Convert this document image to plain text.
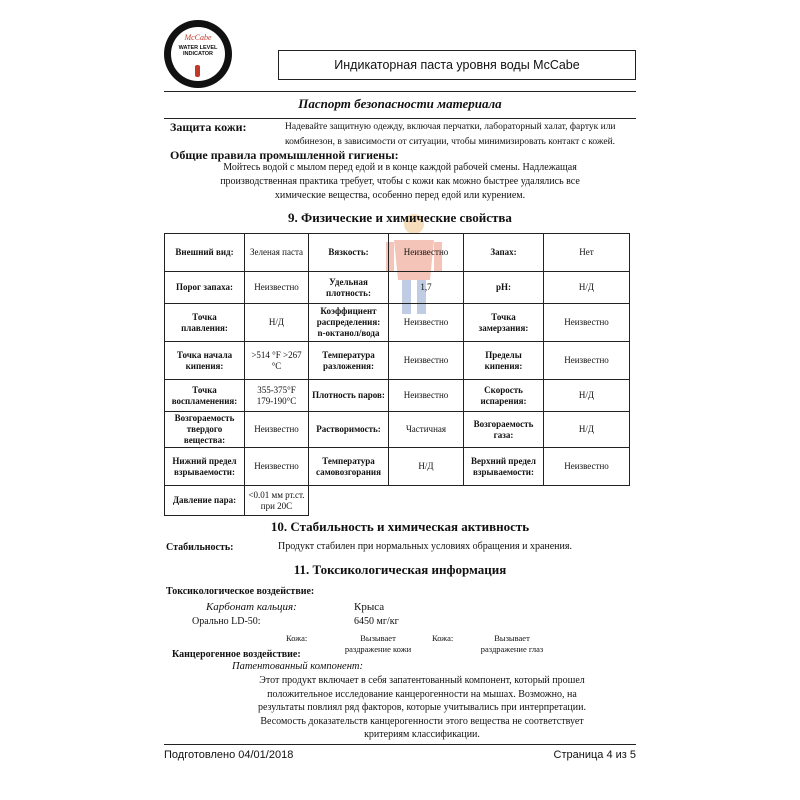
McCabe
WATER LEVEL
INDICATOR
Индикаторная паста уровня воды McCabe
Паспорт безопасности материала
Защита кожи:	Надевайте защитную одежду, включая перчатки, лабораторный халат, фартук или
комбинезон, в зависимости от ситуации, чтобы минимизировать контакт с кожей.
Общие правила промышленной гигиены:
Мойтесь водой с мылом перед едой и в конце каждой рабочей смены. Надлежащая
производственная практика требует, чтобы с кожи как можно быстрее удалялись все
химические вещества, особенно перед едой или курением.
9. Физические и химические свойства
Внешний вид:	Зеленая паста	Вязкость:	Неизвестно	Запах:	Нет
Порог запаха:	Неизвестно	Удельная плотность:	1,7	pH:	Н/Д
Точка плавления:	Н/Д	Коэффициент распределения: n-октанол/вода	Неизвестно	Точка замерзания:	Неизвестно
Точка начала кипения:	>514 °F >267 °C	Температура разложения:	Неизвестно	Пределы кипения:	Неизвестно
Точка воспламенения:	355-375°F 179-190°C	Плотность паров:	Неизвестно	Скорость испарения:	Н/Д
Возгораемость твердого вещества:	Неизвестно	Растворимость:	Частичная	Возгораемость газа:	Н/Д
Нижний предел взрываемости:	Неизвестно	Температура самовозгорания	Н/Д	Верхний предел взрываемости:	Неизвестно
Давление пара:	<0.01 мм рт.ст. при 20С				
10. Стабильность и химическая активность
Стабильность:	Продукт стабилен при нормальных условиях обращения и хранения.
11. Токсикологическая информация
Токсикологическое воздействие:
Карбонат кальция:	Крыса
Орально LD-50:	6450 мг/кг
Кожа:	Вызывает
раздражение кожи
Кожа:	Вызывает
раздражение глаз
Канцерогенное воздействие:
Патентованный компонент:
Этот продукт включает в себя запатентованный компонент, который прошел
положительное исследование канцерогенности на мышах. Возможно, на
результаты повлиял ряд факторов, которые учитывались при интерпретации.
Весомость доказательств канцерогенности этого вещества не соответствует
критериям классификации.
Подготовлено 04/01/2018	Страница 4 из 5
